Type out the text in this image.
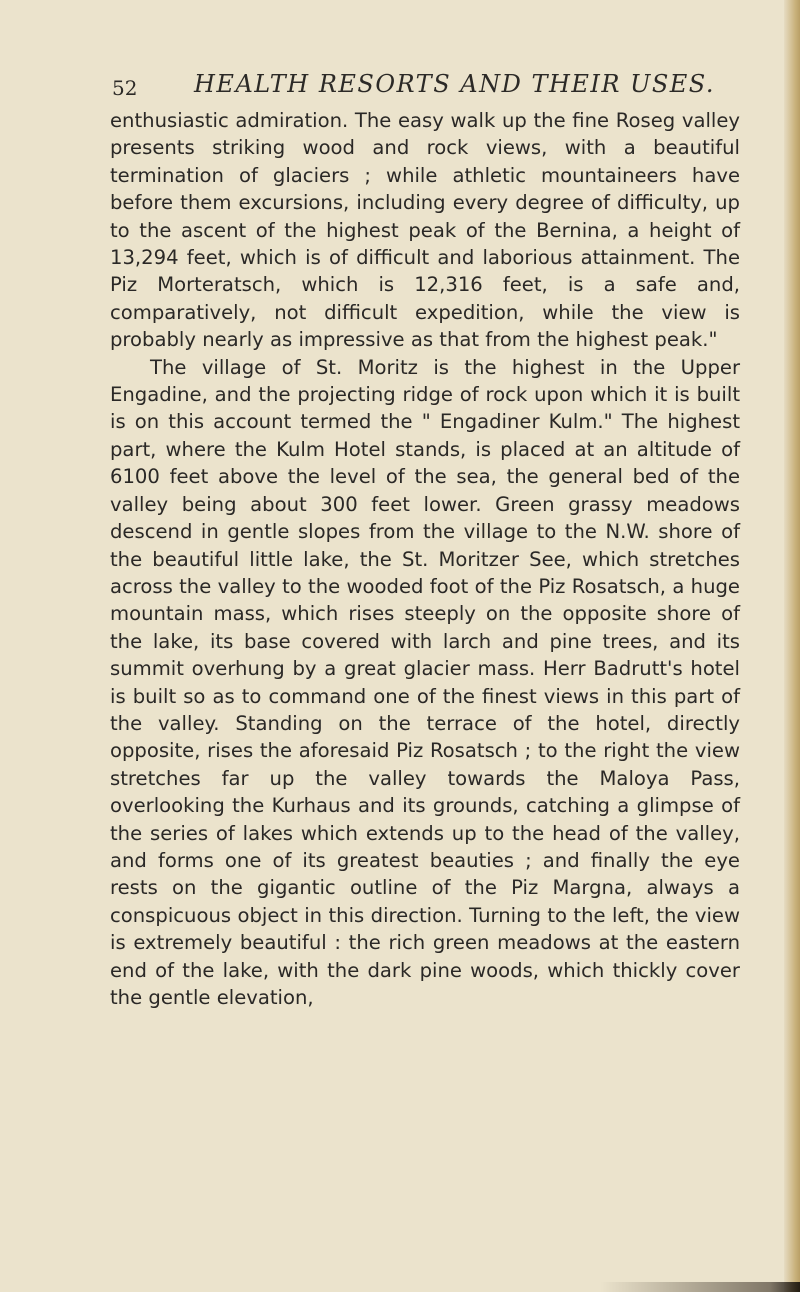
52 HEALTH RESORTS AND THEIR USES.

enthusiastic admiration. The easy walk up the fine Roseg valley presents striking wood and rock views, with a beautiful termination of glaciers ; while athletic mountaineers have before them excursions, including every degree of difficulty, up to the ascent of the highest peak of the Bernina, a height of 13,294 feet, which is of difficult and laborious attainment. The Piz Morteratsch, which is 12,316 feet, is a safe and, comparatively, not difficult expedition, while the view is probably nearly as impressive as that from the highest peak."

The village of St. Moritz is the highest in the Upper Engadine, and the projecting ridge of rock upon which it is built is on this account termed the " Engadiner Kulm." The highest part, where the Kulm Hotel stands, is placed at an altitude of 6100 feet above the level of the sea, the general bed of the valley being about 300 feet lower. Green grassy meadows descend in gentle slopes from the village to the N.W. shore of the beautiful little lake, the St. Moritzer See, which stretches across the valley to the wooded foot of the Piz Rosatsch, a huge mountain mass, which rises steeply on the opposite shore of the lake, its base covered with larch and pine trees, and its summit overhung by a great glacier mass. Herr Badrutt's hotel is built so as to command one of the finest views in this part of the valley. Standing on the terrace of the hotel, directly opposite, rises the aforesaid Piz Rosatsch ; to the right the view stretches far up the valley towards the Maloya Pass, overlooking the Kurhaus and its grounds, catching a glimpse of the series of lakes which extends up to the head of the valley, and forms one of its greatest beauties ; and finally the eye rests on the gigantic outline of the Piz Margna, always a conspicuous object in this direction. Turning to the left, the view is extremely beautiful : the rich green meadows at the eastern end of the lake, with the dark pine woods, which thickly cover the gentle elevation,
